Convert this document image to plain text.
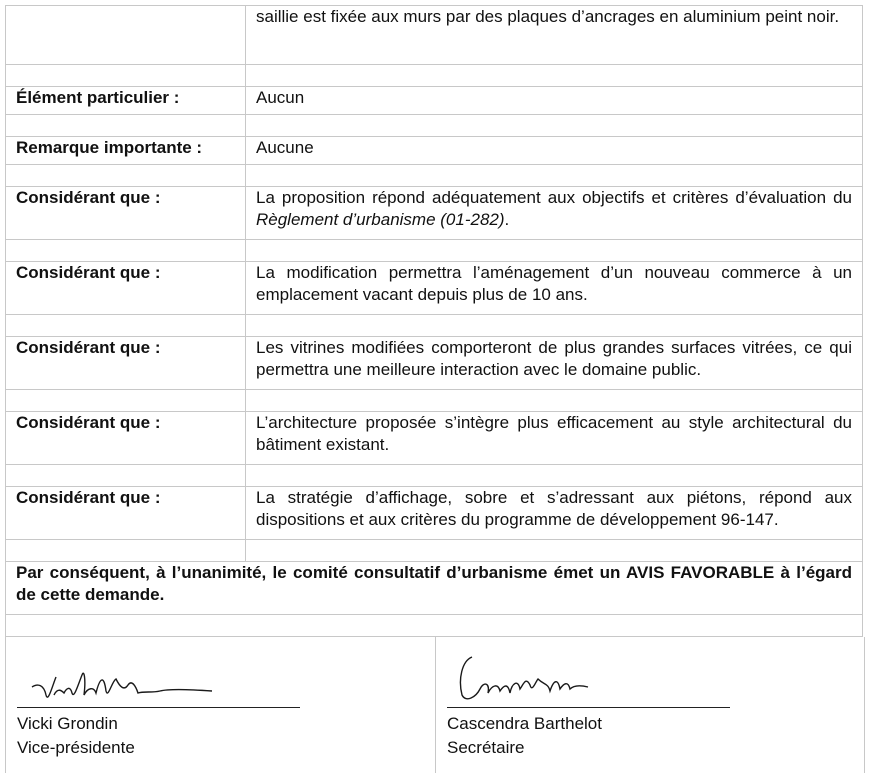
	saillie est fixée aux murs par des plaques d’ancrages en aluminium peint noir.

Élément particulier :	Aucun

Remarque importante :	Aucune

Considérant que :	La proposition répond adéquatement aux objectifs et critères d’évaluation du Règlement d’urbanisme (01-282).

Considérant que :	La modification permettra l’aménagement d’un nouveau commerce à un emplacement vacant depuis plus de 10 ans.

Considérant que :	Les vitrines modifiées comporteront de plus grandes surfaces vitrées, ce qui permettra une meilleure interaction avec le domaine public.

Considérant que :	L’architecture proposée s’intègre plus efficacement au style architectural du bâtiment existant.

Considérant que :	La stratégie d’affichage, sobre et s’adressant aux piétons, répond aux dispositions et aux critères du programme de développement 96-147.

Par conséquent, à l’unanimité, le comité consultatif d’urbanisme émet un AVIS FAVORABLE à l’égard de cette demande.	

Vicki Grondin
Vice-présidente
Cascendra Barthelot
Secrétaire
